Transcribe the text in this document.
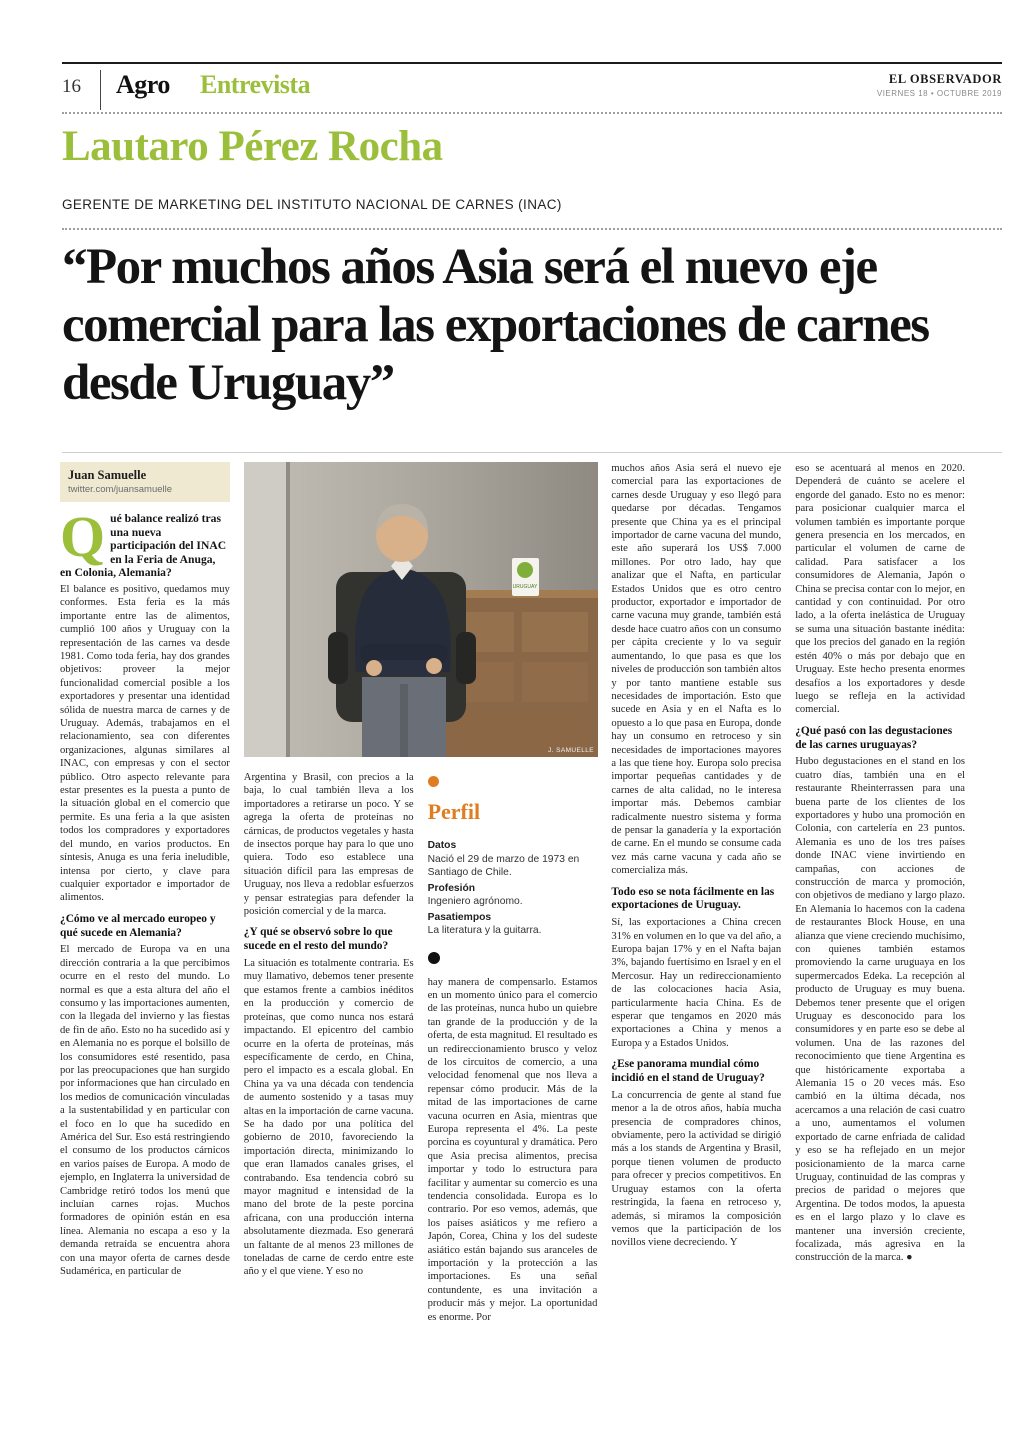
16 Agro Entrevista	EL OBSERVADOR
VIERNES 18 • OCTUBRE 2019
Lautaro Pérez Rocha
GERENTE DE MARKETING DEL INSTITUTO NACIONAL DE CARNES (INAC)
“Por muchos años Asia será el nuevo eje comercial para las exportaciones de carnes desde Uruguay”
URUGUAY
J. SAMUELLE
Juan Samuelle
twitter.com/juansamuelle

Qué balance realizó tras una nueva participación del INAC en la Feria de Anuga, en Colonia, Alemania?

El balance es positivo, quedamos muy conformes. Esta feria es la más importante entre las de alimentos, cumplió 100 años y Uruguay con la representación de las carnes va desde 1981. Como toda feria, hay dos grandes objetivos: proveer la mejor funcionalidad comercial posible a los exportadores y presentar una identidad sólida de nuestra marca de carnes y de Uruguay. Además, trabajamos en el relacionamiento, sea con diferentes organizaciones, algunas similares al INAC, con empresas y con el sector público. Otro aspecto relevante para estar presentes es la puesta a punto de la situación global en el comercio que permite. Es una feria a la que asisten todos los compradores y exportadores del mundo, en varios productos. En síntesis, Anuga es una feria ineludible, intensa por cierto, y clave para cualquier exportador e importador de alimentos.

¿Cómo ve al mercado europeo y qué sucede en Alemania?

El mercado de Europa va en una dirección contraria a la que percibimos ocurre en el resto del mundo. Lo normal es que a esta altura del año el consumo y las importaciones aumenten, con la llegada del invierno y las fiestas de fin de año. Esto no ha sucedido así y en Alemania no es porque el bolsillo de los consumidores esté resentido, pasa por las preocupaciones que han surgido por informaciones que han circulado en los medios de comunicación vinculadas a la sustentabilidad y en particular con el foco en lo que ha sucedido en América del Sur. Eso está restringiendo el consumo de los productos cárnicos en varios países de Europa. A modo de ejemplo, en Inglaterra la universidad de Cambridge retiró todos los menú que incluían carnes rojas. Muchos formadores de opinión están en esa línea. Alemania no escapa a eso y la demanda retraída se encuentra ahora con una mayor oferta de carnes desde Sudamérica, en particular de

Argentina y Brasil, con precios a la baja, lo cual también lleva a los importadores a retirarse un poco. Y se agrega la oferta de proteínas no cárnicas, de productos vegetales y hasta de insectos porque hay para lo que uno quiera. Todo eso establece una situación difícil para las empresas de Uruguay, nos lleva a redoblar esfuerzos y pensar estrategias para defender la posición comercial y de la marca.

¿Y qué se observó sobre lo que sucede en el resto del mundo?

La situación es totalmente contraria. Es muy llamativo, debemos tener presente que estamos frente a cambios inéditos en la producción y comercio de proteínas, que como nunca nos estará impactando. El epicentro del cambio ocurre en la oferta de proteínas, más específicamente de cerdo, en China, pero el impacto es a escala global. En China ya va una década con tendencia de aumento sostenido y a tasas muy altas en la importación de carne vacuna. Se ha dado por una política del gobierno de 2010, favoreciendo la importación directa, minimizando lo que eran llamados canales grises, el contrabando. Esa tendencia cobró su mayor magnitud e intensidad de la mano del brote de la peste porcina africana, con una producción interna absolutamente diezmada. Eso generará un faltante de al menos 23 millones de toneladas de carne de cerdo entre este año y el que viene. Y eso no

Perfil
Datos
Nació el 29 de marzo de 1973 en Santiago de Chile.
Profesión
Ingeniero agrónomo.
Pasatiempos
La literatura y la guitarra.

hay manera de compensarlo. Estamos en un momento único para el comercio de las proteínas, nunca hubo un quiebre tan grande de la producción y de la oferta, de esta magnitud. El resultado es un redireccionamiento brusco y veloz de los circuitos de comercio, a una velocidad fenomenal que nos lleva a repensar cómo producir. Más de la mitad de las importaciones de carne vacuna ocurren en Asia, mientras que Europa representa el 4%. La peste porcina es coyuntural y dramática. Pero que Asia precisa alimentos, precisa importar y todo lo estructura para facilitar y aumentar su comercio es una tendencia consolidada. Europa es lo contrario. Por eso vemos, además, que los países asiáticos y me refiero a Japón, Corea, China y los del sudeste asiático están bajando sus aranceles de importación y la protección a las importaciones. Es una señal contundente, es una invitación a producir más y mejor. La oportunidad es enorme. Por

muchos años Asia será el nuevo eje comercial para las exportaciones de carnes desde Uruguay y eso llegó para quedarse por décadas. Tengamos presente que China ya es el principal importador de carne vacuna del mundo, este año superará los US$ 7.000 millones. Por otro lado, hay que analizar que el Nafta, en particular Estados Unidos que es otro centro productor, exportador e importador de carne vacuna muy grande, también está desde hace cuatro años con un consumo per cápita creciente y lo va seguir aumentando, lo que pasa es que los niveles de producción son también altos y por tanto mantiene estable sus necesidades de importación. Esto que sucede en Asia y en el Nafta es lo opuesto a lo que pasa en Europa, donde hay un consumo en retroceso y sin necesidades de importaciones mayores a las que tiene hoy. Europa solo precisa importar pequeñas cantidades y de carnes de alta calidad, no le interesa importar más. Debemos cambiar radicalmente nuestro sistema y forma de pensar la ganadería y la exportación de carne. En el mundo se consume cada vez más carne vacuna y cada año se comercializa más.

Todo eso se nota fácilmente en las exportaciones de Uruguay.

Sí, las exportaciones a China crecen 31% en volumen en lo que va del año, a Europa bajan 17% y en el Nafta bajan 3%, bajando fuertísimo en Israel y en el Mercosur. Hay un redireccionamiento de las colocaciones hacia Asia, particularmente hacia China. Es de esperar que tengamos en 2020 más exportaciones a China y menos a Europa y a Estados Unidos.

¿Ese panorama mundial cómo incidió en el stand de Uruguay?

La concurrencia de gente al stand fue menor a la de otros años, había mucha presencia de compradores chinos, obviamente, pero la actividad se dirigió más a los stands de Argentina y Brasil, porque tienen volumen de producto para ofrecer y precios competitivos. En Uruguay estamos con la oferta restringida, la faena en retroceso y, además, si miramos la composición vemos que la participación de los novillos viene decreciendo. Y

eso se acentuará al menos en 2020. Dependerá de cuánto se acelere el engorde del ganado. Esto no es menor: para posicionar cualquier marca el volumen también es importante porque genera presencia en los mercados, en particular el volumen de carne de calidad. Para satisfacer a los consumidores de Alemania, Japón o China se precisa contar con lo mejor, en cantidad y con continuidad. Por otro lado, a la oferta inelástica de Uruguay se suma una situación bastante inédita: que los precios del ganado en la región estén 40% o más por debajo que en Uruguay. Este hecho presenta enormes desafíos a los exportadores y desde luego se refleja en la actividad comercial.

¿Qué pasó con las degustaciones de las carnes uruguayas?

Hubo degustaciones en el stand en los cuatro días, también una en el restaurante Rheinterrassen para una buena parte de los clientes de los exportadores y hubo una promoción en Colonia, con cartelería en 23 puntos. Alemania es uno de los tres países donde INAC viene invirtiendo en campañas, con acciones de construcción de marca y promoción, con objetivos de mediano y largo plazo. En Alemania lo hacemos con la cadena de restaurantes Block House, en una alianza que viene creciendo muchísimo, con quienes también estamos promoviendo la carne uruguaya en los supermercados Edeka. La recepción al producto de Uruguay es muy buena. Debemos tener presente que el origen Uruguay es desconocido para los consumidores y en parte eso se debe al volumen. Una de las razones del reconocimiento que tiene Argentina es que históricamente exportaba a Alemania 15 o 20 veces más. Eso cambió en la última década, nos acercamos a una relación de casi cuatro a uno, aumentamos el volumen exportado de carne enfriada de calidad y eso se ha reflejado en un mejor posicionamiento de la marca carne Uruguay, continuidad de las compras y precios de paridad o mejores que Argentina. De todos modos, la apuesta es en el largo plazo y lo clave es mantener una inversión creciente, focalizada, más agresiva en la construcción de la marca. ●
